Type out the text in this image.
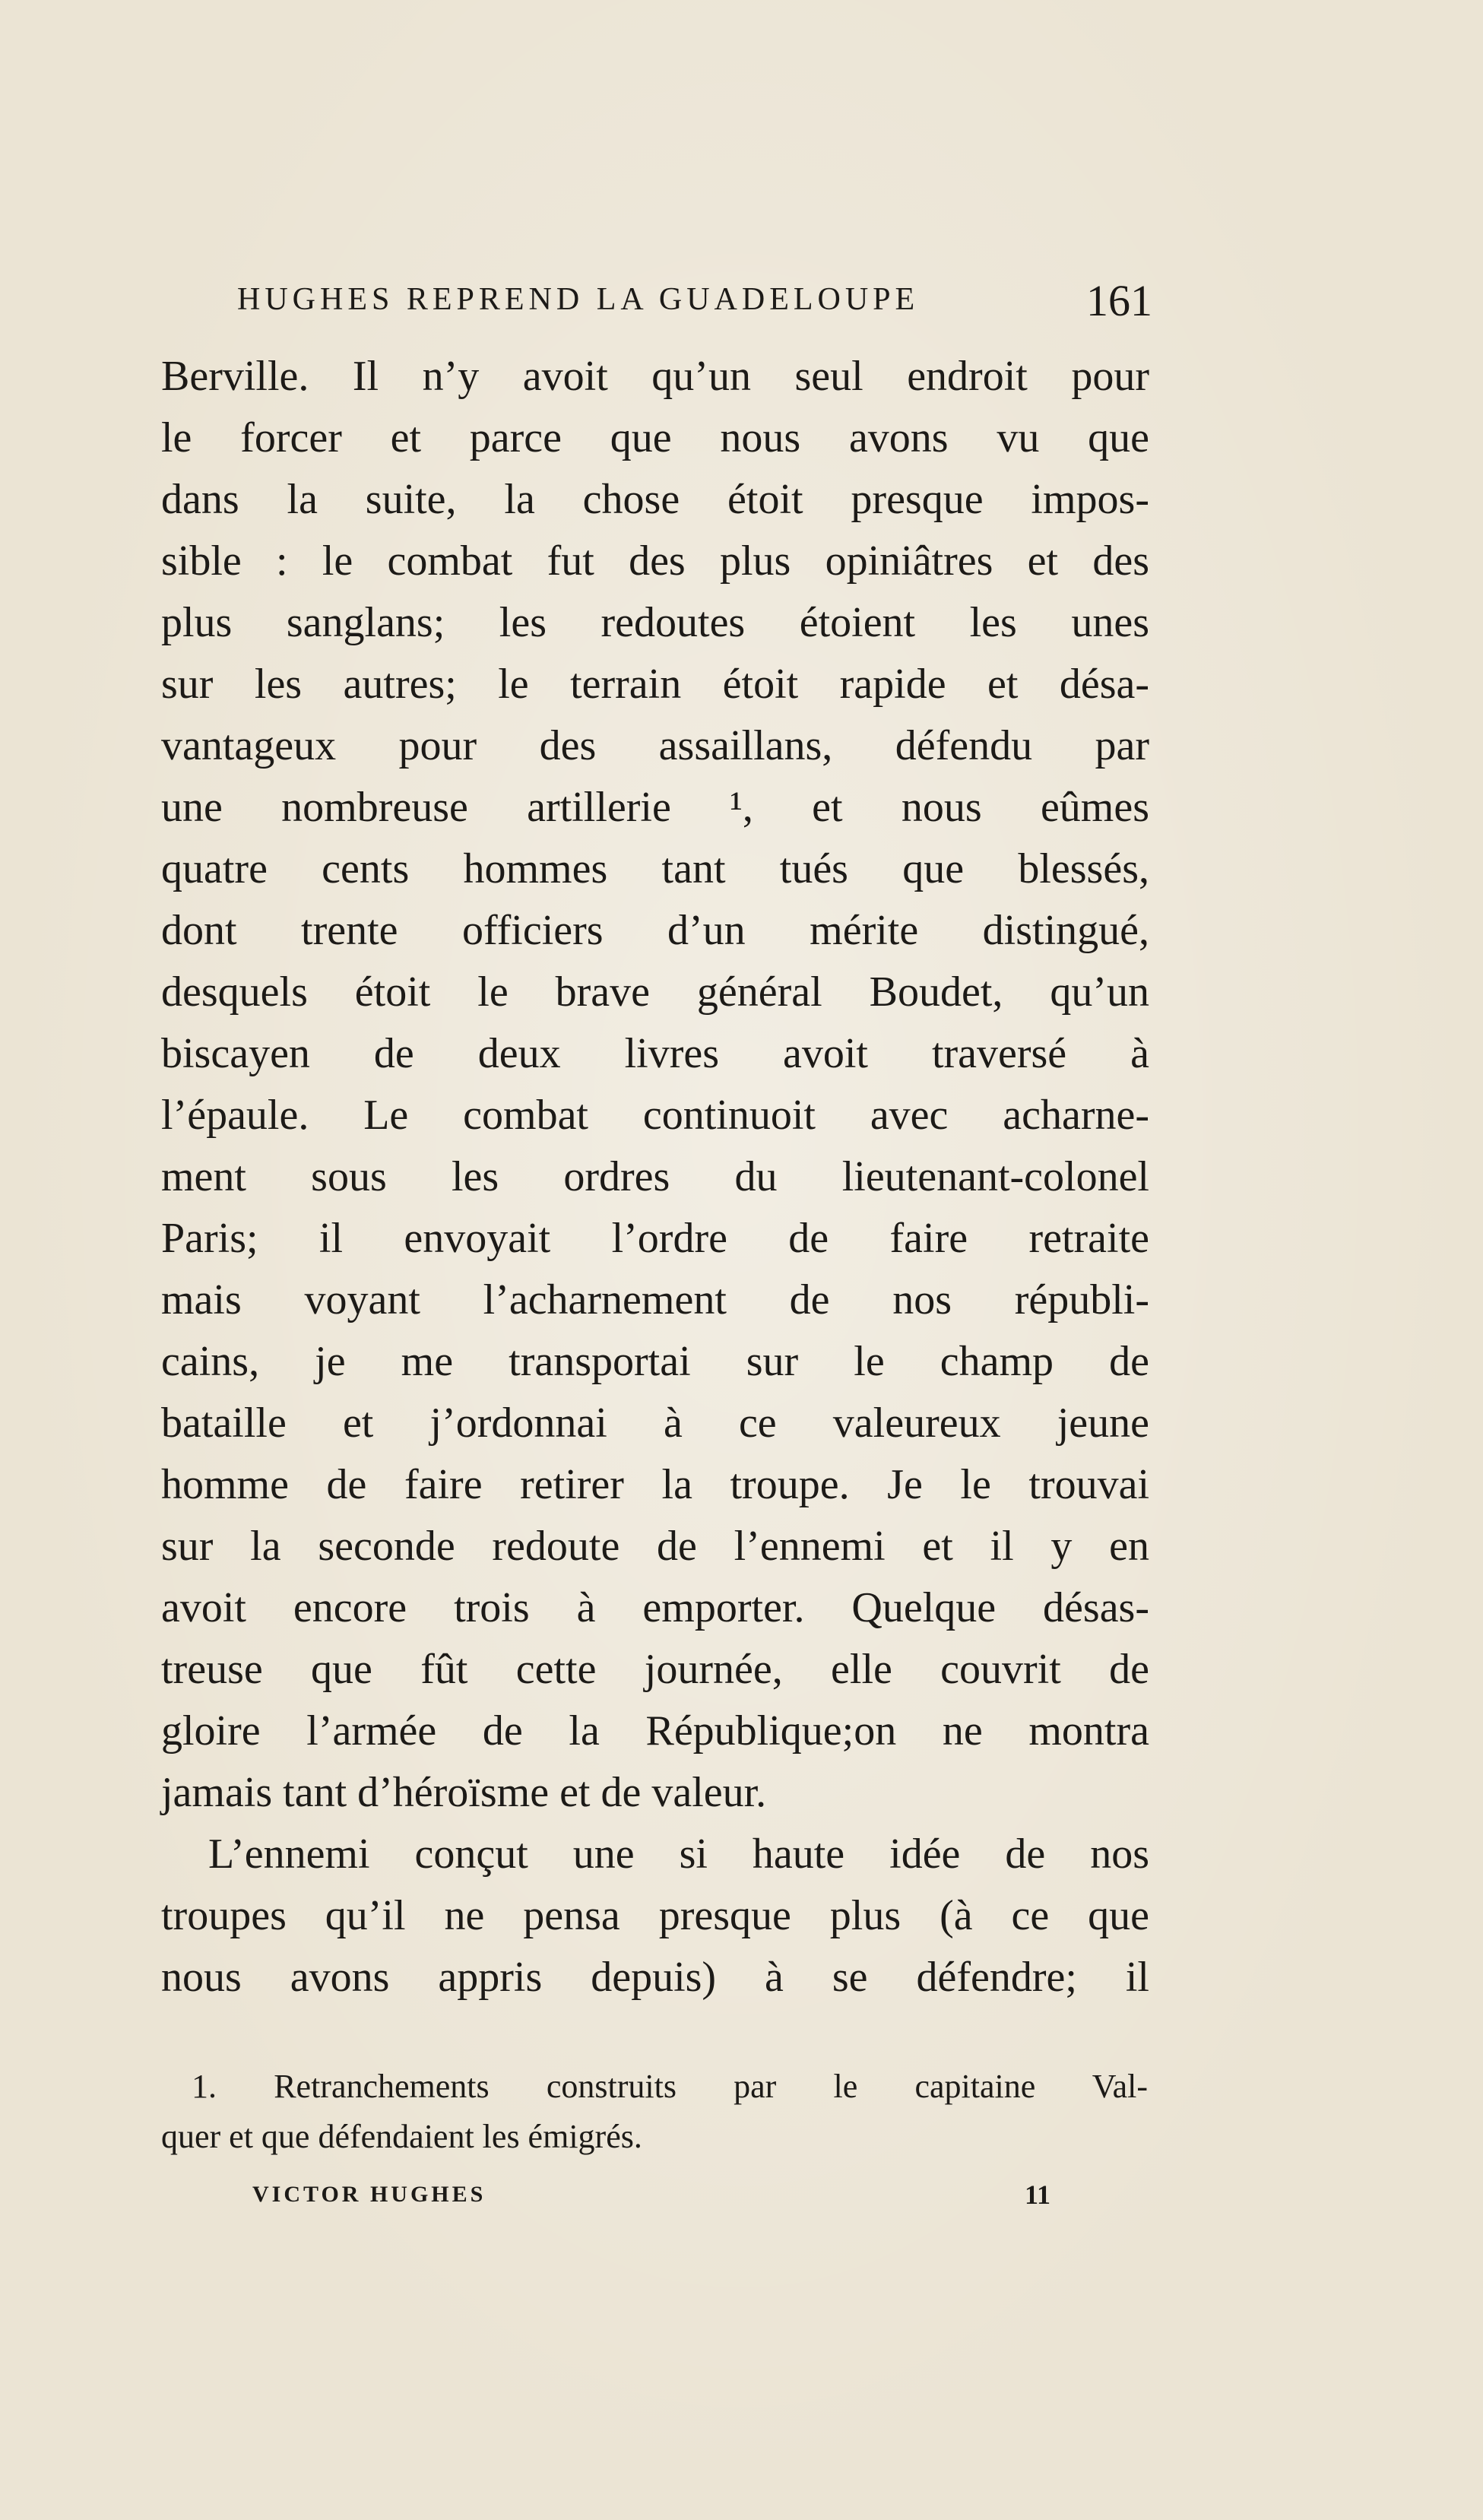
HUGHES REPREND LA GUADELOUPE	161
Berville. Il n’y avoit qu’un seul endroit pour
le forcer et parce que nous avons vu que
dans la suite, la chose étoit presque impos-
sible : le combat fut des plus opiniâtres et des
plus sanglans; les redoutes étoient les unes
sur les autres; le terrain étoit rapide et désa-
vantageux pour des assaillans, défendu par
une nombreuse artillerie ¹, et nous eûmes
quatre cents hommes tant tués que blessés,
dont trente officiers d’un mérite distingué,
desquels étoit le brave général Boudet, qu’un
biscayen de deux livres avoit traversé à
l’épaule. Le combat continuoit avec acharne-
ment sous les ordres du lieutenant-colonel
Paris; il envoyait l’ordre de faire retraite
mais voyant l’acharnement de nos républi-
cains, je me transportai sur le champ de
bataille et j’ordonnai à ce valeureux jeune
homme de faire retirer la troupe. Je le trouvai
sur la seconde redoute de l’ennemi et il y en
avoit encore trois à emporter. Quelque désas-
treuse que fût cette journée, elle couvrit de
gloire l’armée de la République;on ne montra
jamais tant d’héroïsme et de valeur.
L’ennemi conçut une si haute idée de nos
troupes qu’il ne pensa presque plus (à ce que
nous avons appris depuis) à se défendre; il
1. Retranchements construits par le capitaine Val-
quer et que défendaient les émigrés.
VICTOR HUGHES	11
